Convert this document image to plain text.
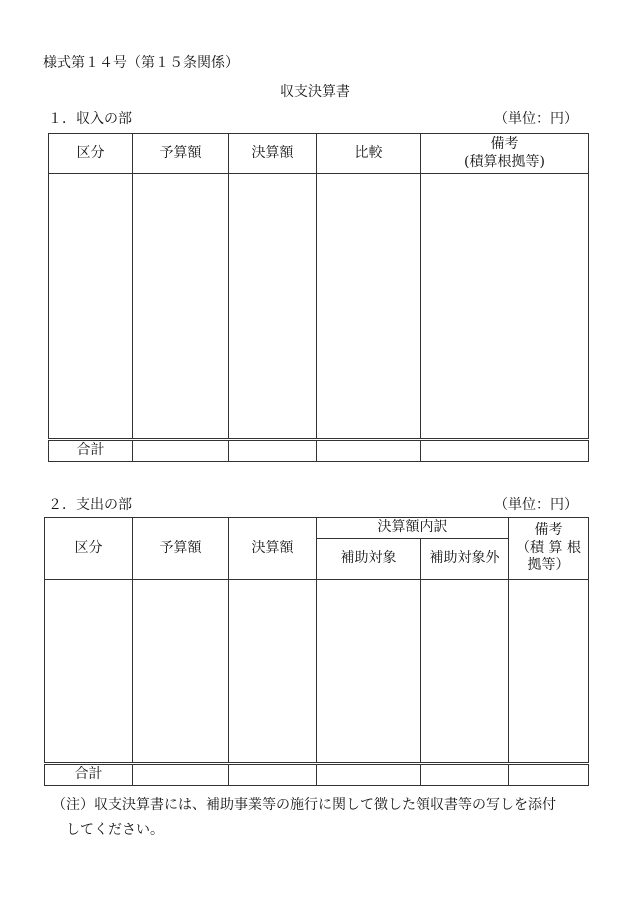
様式第１４号（第１５条関係）
収支決算書
１．収入の部	（単位：円）
区分	予算額	決算額	比較	備考
(積算根拠等)

合計				
２．支出の部	（単位：円）
区分	予算額	決算額	決算額内訳		備考
（積 算 根
拠等）

			補助対象	補助対象外	

合計					
（注）収支決算書には、補助事業等の施行に関して徴した領収書等の写しを添付
してください。
